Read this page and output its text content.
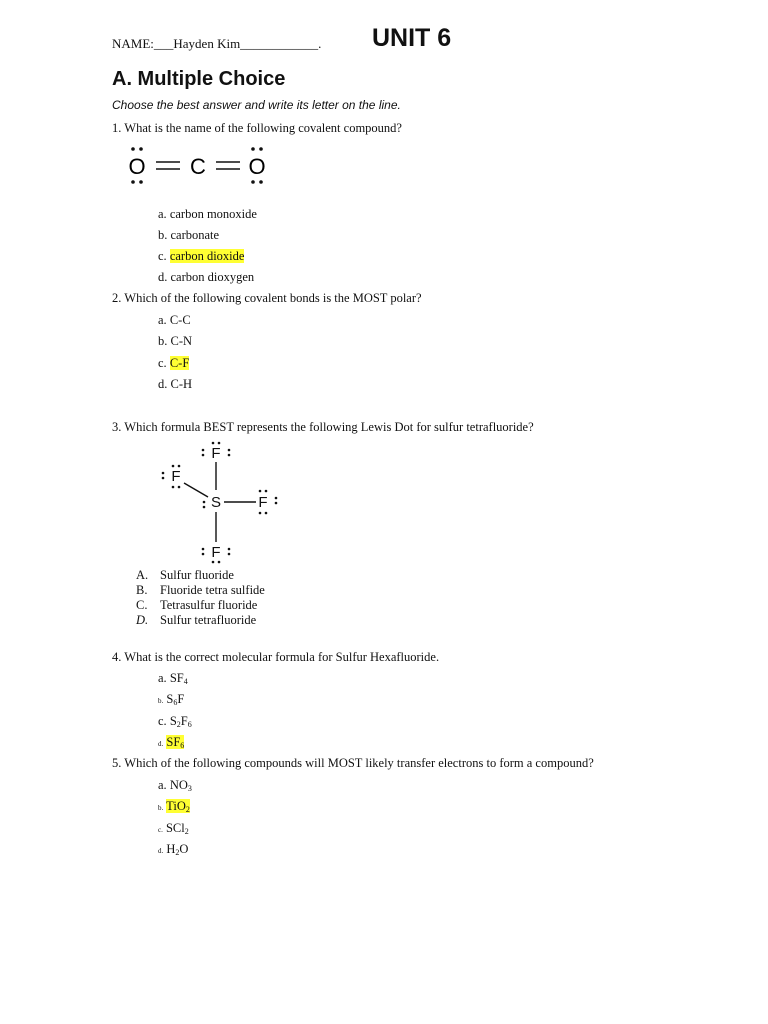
NAME:___Hayden Kim____________. UNIT 6
A. Multiple Choice
Choose the best answer and write its letter on the line.
1. What is the name of the following covalent compound?
O C O
a. carbon monoxide
b. carbonate
c. carbon dioxide
d. carbon dioxygen
2. Which of the following covalent bonds is the MOST polar?
a. C-C
b. C-N
c. C-F
d. C-H
3. Which formula BEST represents the following Lewis Dot for sulfur tetrafluoride?
F
F
S F
F
A. Sulfur fluoride
B. Fluoride tetra sulfide
C. Tetrasulfur fluoride
D. Sulfur tetrafluoride
4. What is the correct molecular formula for Sulfur Hexafluoride.
a. $SF_4$
b. $S_6F$
c. $S_2F_6$
d. $SF_6$
5. Which of the following compounds will MOST likely transfer electrons to form a compound?
a. $NO_3$
b. TiO$_2$
c. SCl$_2$
d. $H_2O$
